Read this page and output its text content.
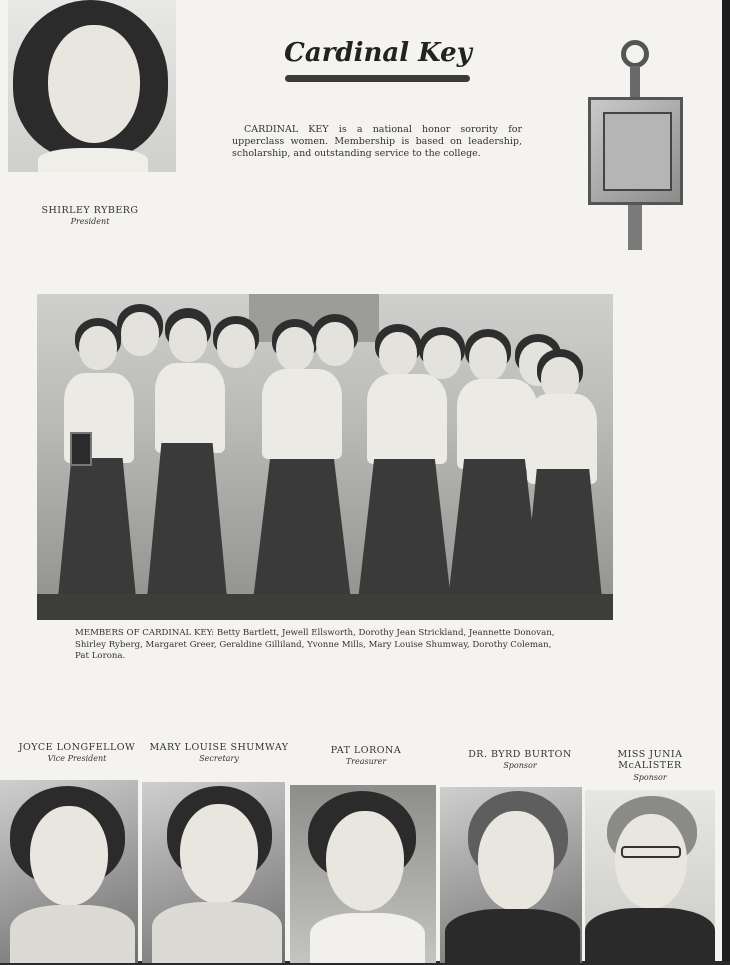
SHIRLEY RYBERG
President
Cardinal Key
CARDINAL KEY is a national honor sorority for upperclass women. Membership is based on leadership, scholarship, and outstanding service to the college.
MEMBERS OF CARDINAL KEY: Betty Bartlett, Jewell Ellsworth, Dorothy Jean Strickland, Jeannette Donovan, Shirley Ryberg, Margaret Greer, Geraldine Gilliland, Yvonne Mills, Mary Louise Shumway, Dorothy Coleman, Pat Lorona.
JOYCE LONGFELLOW
Vice President
MARY LOUISE SHUMWAY
Secretary
PAT LORONA
Treasurer
DR. BYRD BURTON
Sponsor
MISS JUNIA
McALISTER
Sponsor
